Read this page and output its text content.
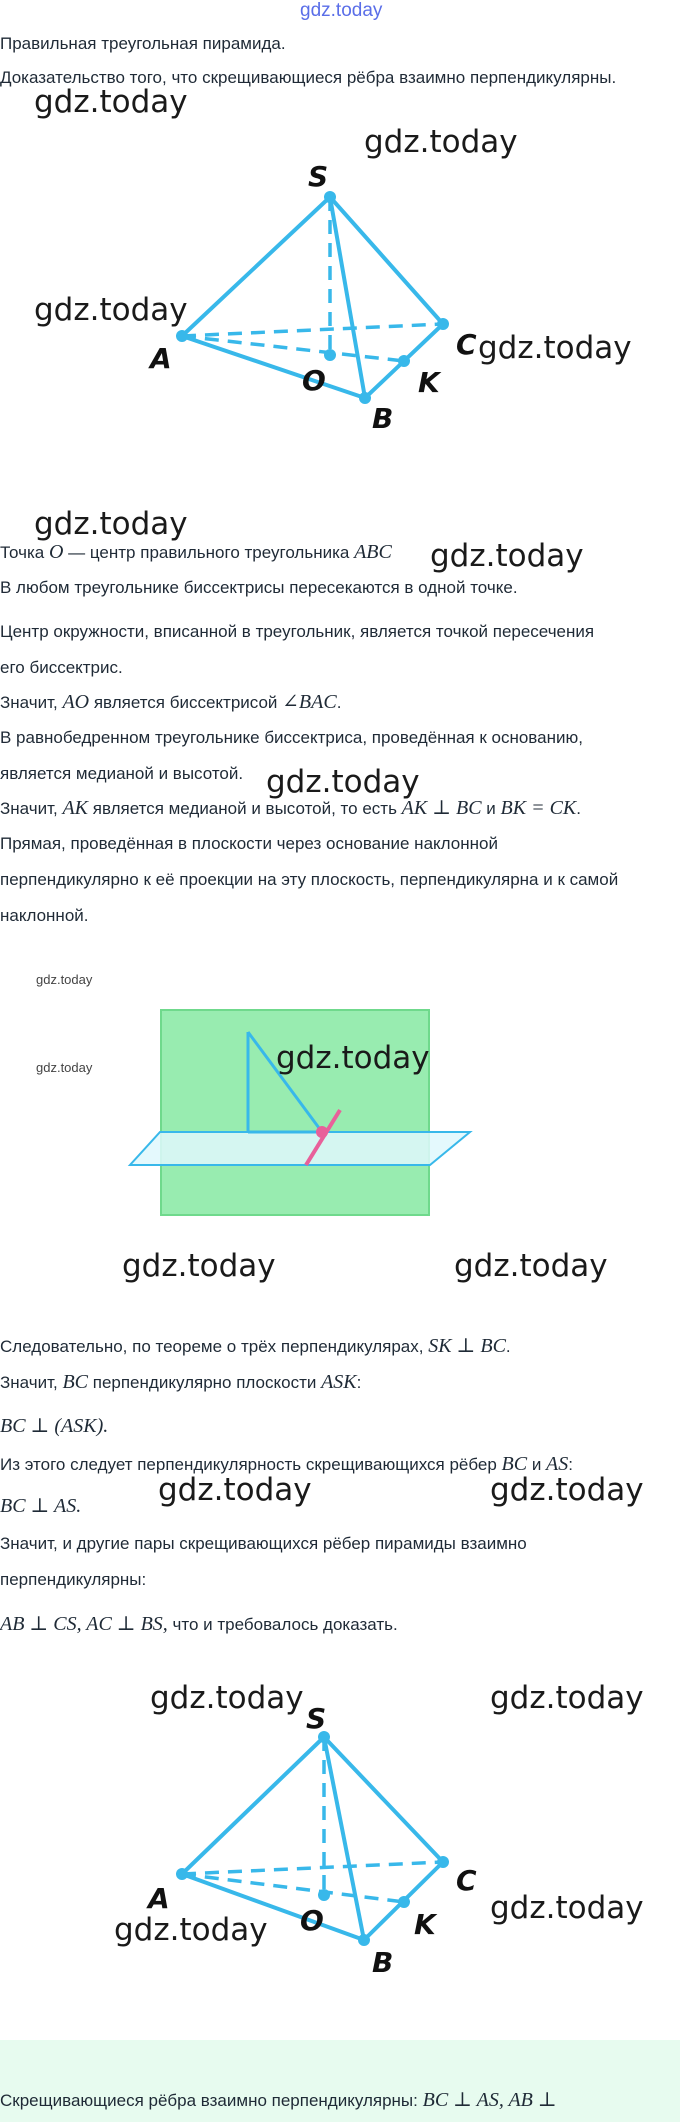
gdz.today
Правильная треугольная пирамида.
Доказательство того, что скрещивающиеся рёбра взаимно перпендикулярны.
S
A	C
O	K
B
Точка O — центр правильного треугольника ABC
В любом треугольнике биссектрисы пересекаются в одной точке.
Центр окружности, вписанной в треугольник, является точкой пересечения
его биссектрис.
Значит, AO является биссектрисой ∠BAC.
В равнобедренном треугольнике биссектриса, проведённая к основанию,
является медианой и высотой.
Значит, AK является медианой и высотой, то есть AK ⊥ BC и BK = CK.
Прямая, проведённая в плоскости через основание наклонной
перпендикулярно к её проекции на эту плоскость, перпендикулярна и к самой
наклонной.
Следовательно, по теореме о трёх перпендикулярах, SK ⊥ BC.
Значит, BC перпендикулярно плоскости ASK:
BC ⊥ (ASK).
Из этого следует перпендикулярность скрещивающихся рёбер BC и AS:
BC ⊥ AS.
Значит, и другие пары скрещивающихся рёбер пирамиды взаимно
перпендикулярны:
AB ⊥ CS, AC ⊥ BS, что и требовалось доказать.
S
A
C
O	K
B
Скрещивающиеся рёбра взаимно перпендикулярны: BC ⊥ AS, AB ⊥
gdz.today
gdz.today
gdz.today
gdz.today
gdz.today
gdz.today
gdz.today
gdz.today
gdz.today	gdz.today
gdz.today	gdz.today
gdz.today	gdz.today
gdz.today	gdz.today
gdz.today
gdz.today
